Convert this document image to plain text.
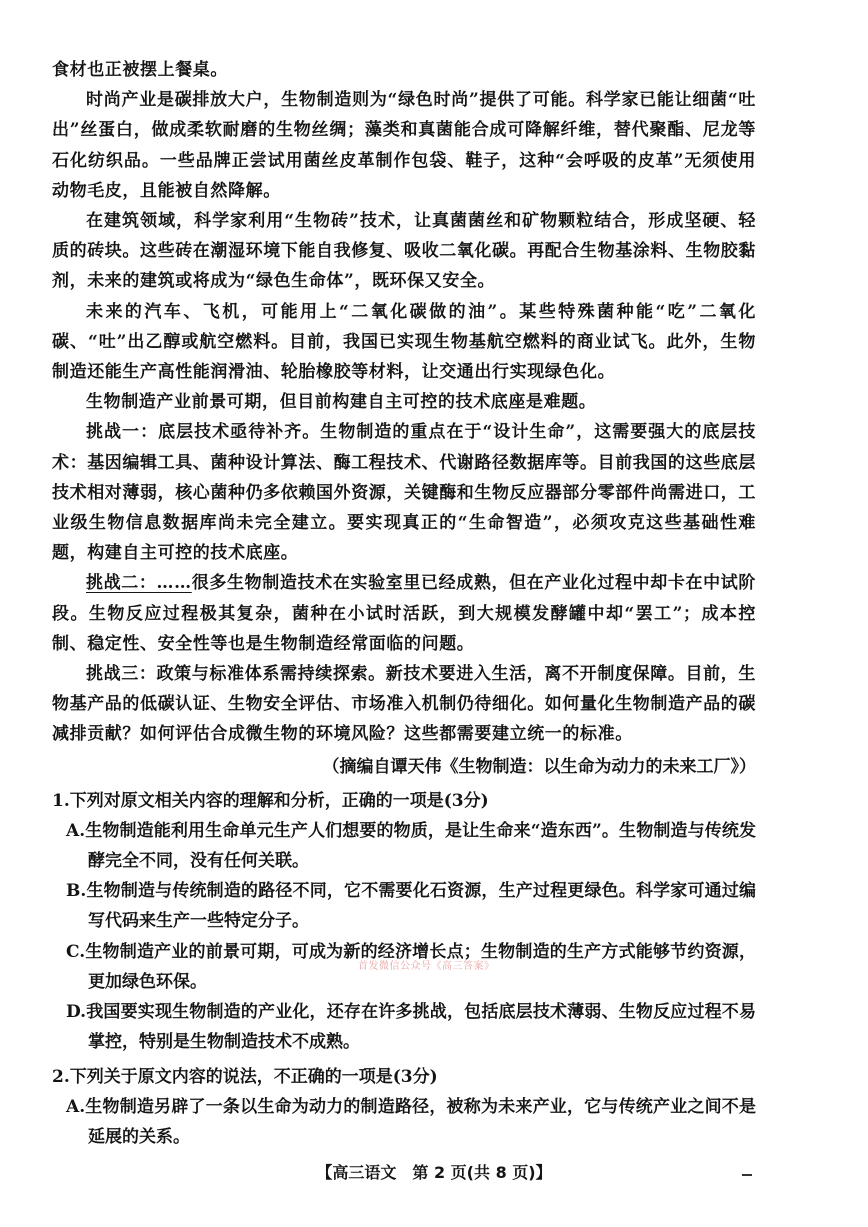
食材也正被摆上餐桌。

时尚产业是碳排放大户，生物制造则为“绿色时尚”提供了可能。科学家已能让细菌“吐出”丝蛋白，做成柔软耐磨的生物丝绸；藻类和真菌能合成可降解纤维，替代聚酯、尼龙等石化纺织品。一些品牌正尝试用菌丝皮革制作包袋、鞋子，这种“会呼吸的皮革”无须使用动物毛皮，且能被自然降解。

在建筑领域，科学家利用“生物砖”技术，让真菌菌丝和矿物颗粒结合，形成坚硬、轻质的砖块。这些砖在潮湿环境下能自我修复、吸收二氧化碳。再配合生物基涂料、生物胶黏剂，未来的建筑或将成为“绿色生命体”，既环保又安全。

未来的汽车、飞机，可能用上“二氧化碳做的油”。某些特殊菌种能“吃”二氧化碳、“吐”出乙醇或航空燃料。目前，我国已实现生物基航空燃料的商业试飞。此外，生物制造还能生产高性能润滑油、轮胎橡胶等材料，让交通出行实现绿色化。

生物制造产业前景可期，但目前构建自主可控的技术底座是难题。

挑战一：底层技术亟待补齐。生物制造的重点在于“设计生命”，这需要强大的底层技术：基因编辑工具、菌种设计算法、酶工程技术、代谢路径数据库等。目前我国的这些底层技术相对薄弱，核心菌种仍多依赖国外资源，关键酶和生物反应器部分零部件尚需进口，工业级生物信息数据库尚未完全建立。要实现真正的“生命智造”，必须攻克这些基础性难题，构建自主可控的技术底座。

挑战二：……很多生物制造技术在实验室里已经成熟，但在产业化过程中却卡在中试阶段。生物反应过程极其复杂，菌种在小试时活跃，到大规模发酵罐中却“罢工”；成本控制、稳定性、安全性等也是生物制造经常面临的问题。

挑战三：政策与标准体系需持续探索。新技术要进入生活，离不开制度保障。目前，生物基产品的低碳认证、生物安全评估、市场准入机制仍待细化。如何量化生物制造产品的碳减排贡献？如何评估合成微生物的环境风险？这些都需要建立统一的标准。

（摘编自谭天伟《生物制造：以生命为动力的未来工厂》）

1.下列对原文相关内容的理解和分析，正确的一项是(3分)

A.生物制造能利用生命单元生产人们想要的物质，是让生命来“造东西”。生物制造与传统发酵完全不同，没有任何关联。

B.生物制造与传统制造的路径不同，它不需要化石资源，生产过程更绿色。科学家可通过编写代码来生产一些特定分子。

C.生物制造产业的前景可期，可成为新的经济增长点；生物制造的生产方式能够节约资源，更加绿色环保。

D.我国要实现生物制造的产业化，还存在许多挑战，包括底层技术薄弱、生物反应过程不易掌控，特别是生物制造技术不成熟。

2.下列关于原文内容的说法，不正确的一项是(3分)

A.生物制造另辟了一条以生命为动力的制造路径，被称为未来产业，它与传统产业之间不是延展的关系。

首发微信公众号《高三答案》
【高三语文　第 2 页(共 8 页)】
